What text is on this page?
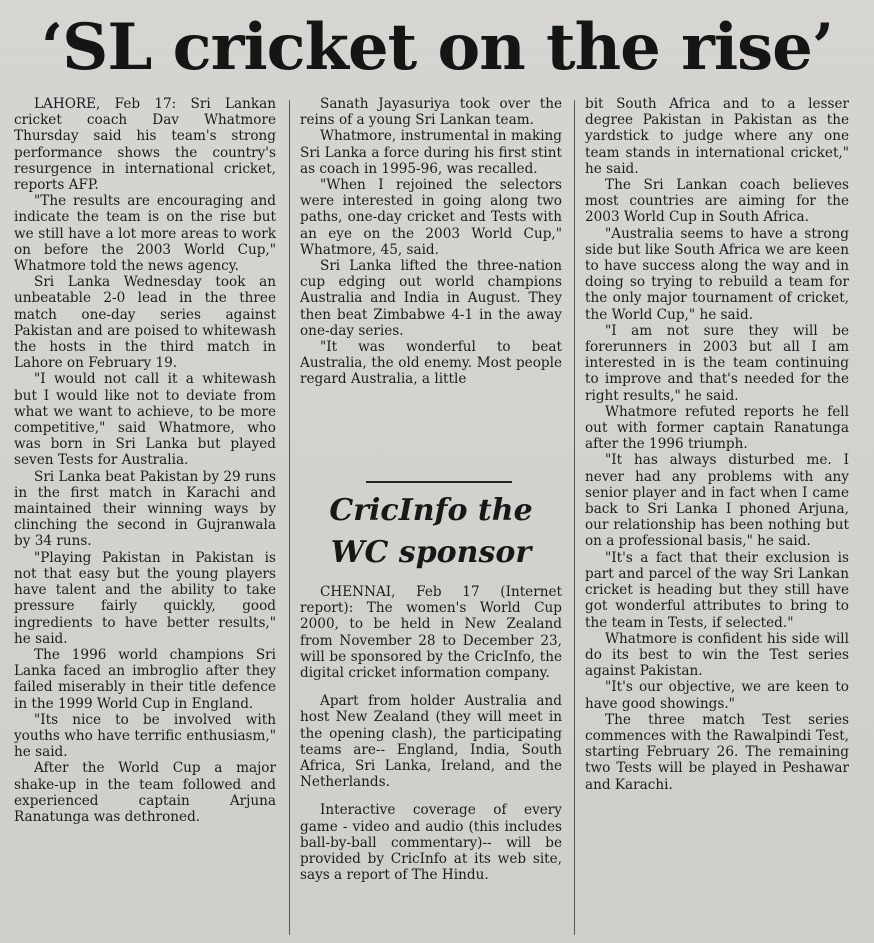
‘SL cricket on the rise’

LAHORE, Feb 17: Sri Lankan cricket coach Dav Whatmore Thursday said his team's strong performance shows the country's resurgence in international cricket, reports AFP.

"The results are encouraging and indicate the team is on the rise but we still have a lot more areas to work on before the 2003 World Cup," Whatmore told the news agency.

Sri Lanka Wednesday took an unbeatable 2-0 lead in the three match one-day series against Pakistan and are poised to whitewash the hosts in the third match in Lahore on February 19.

"I would not call it a whitewash but I would like not to deviate from what we want to achieve, to be more competitive," said Whatmore, who was born in Sri Lanka but played seven Tests for Australia.

Sri Lanka beat Pakistan by 29 runs in the first match in Karachi and maintained their winning ways by clinching the second in Gujranwala by 34 runs.

"Playing Pakistan in Pakistan is not that easy but the young players have talent and the ability to take pressure fairly quickly, good ingredients to have better results," he said.

The 1996 world champions Sri Lanka faced an imbroglio after they failed miserably in their title defence in the 1999 World Cup in England.

"Its nice to be involved with youths who have terrific enthusiasm," he said.

After the World Cup a major shake-up in the team followed and experienced captain Arjuna Ranatunga was dethroned.

Sanath Jayasuriya took over the reins of a young Sri Lankan team.

Whatmore, instrumental in making Sri Lanka a force during his first stint as coach in 1995-96, was recalled.

"When I rejoined the selectors were interested in going along two paths, one-day cricket and Tests with an eye on the 2003 World Cup," Whatmore, 45, said.

Sri Lanka lifted the three-nation cup edging out world champions Australia and India in August. They then beat Zimbabwe 4-1 in the away one-day series.

"It was wonderful to beat Australia, the old enemy. Most people regard Australia, a little

CricInfo the WC sponsor

CHENNAI, Feb 17 (Internet report): The women's World Cup 2000, to be held in New Zealand from November 28 to December 23, will be sponsored by the CricInfo, the digital cricket information company.

Apart from holder Australia and host New Zealand (they will meet in the opening clash), the participating teams are-- England, India, South Africa, Sri Lanka, Ireland, and the Netherlands.

Interactive coverage of every game - video and audio (this includes ball-by-ball commentary)-- will be provided by CricInfo at its web site, says a report of The Hindu.

bit South Africa and to a lesser degree Pakistan in Pakistan as the yardstick to judge where any one team stands in international cricket," he said.

The Sri Lankan coach believes most countries are aiming for the 2003 World Cup in South Africa.

"Australia seems to have a strong side but like South Africa we are keen to have success along the way and in doing so trying to rebuild a team for the only major tournament of cricket, the World Cup," he said.

"I am not sure they will be forerunners in 2003 but all I am interested in is the team continuing to improve and that's needed for the right results," he said.

Whatmore refuted reports he fell out with former captain Ranatunga after the 1996 triumph.

"It has always disturbed me. I never had any problems with any senior player and in fact when I came back to Sri Lanka I phoned Arjuna, our relationship has been nothing but on a professional basis," he said.

"It's a fact that their exclusion is part and parcel of the way Sri Lankan cricket is heading but they still have got wonderful attributes to bring to the team in Tests, if selected."

Whatmore is confident his side will do its best to win the Test series against Pakistan.

"It's our objective, we are keen to have good showings."

The three match Test series commences with the Rawalpindi Test, starting February 26. The remaining two Tests will be played in Peshawar and Karachi.
